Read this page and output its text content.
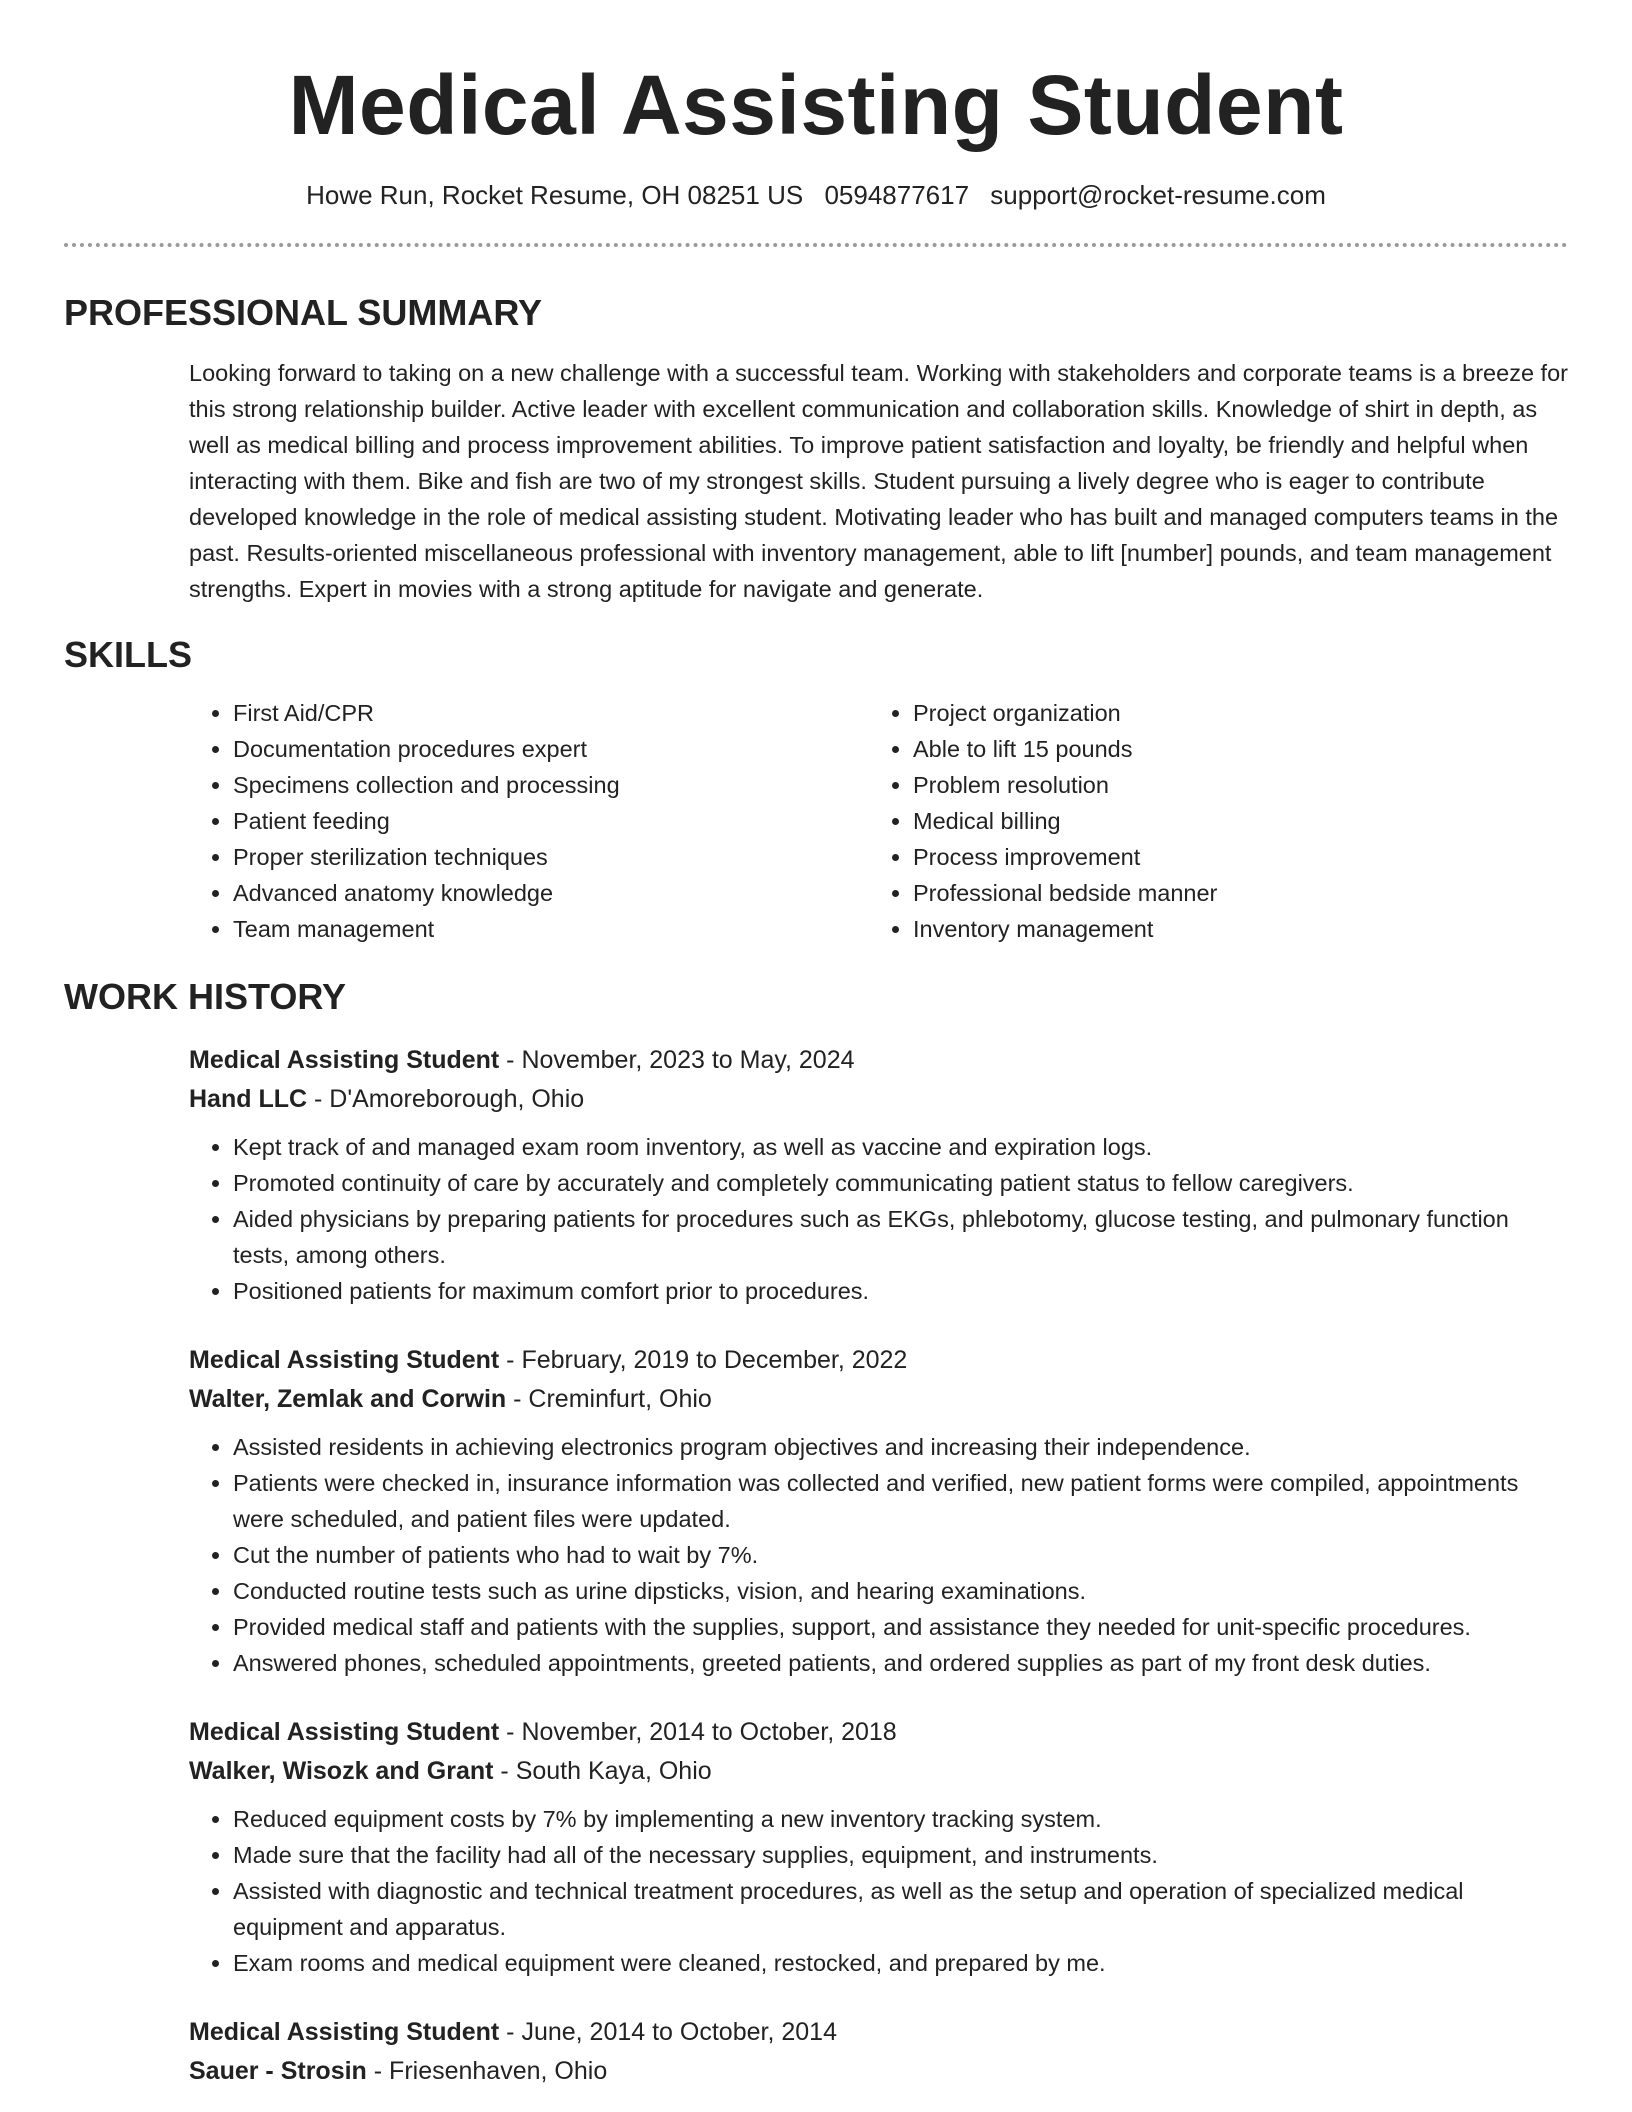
Medical Assisting Student
Howe Run, Rocket Resume, OH 08251 US 0594877617 support@rocket-resume.com
PROFESSIONAL SUMMARY

Looking forward to taking on a new challenge with a successful team. Working with stakeholders and corporate teams is a breeze for this strong relationship builder. Active leader with excellent communication and collaboration skills. Knowledge of shirt in depth, as well as medical billing and process improvement abilities. To improve patient satisfaction and loyalty, be friendly and helpful when interacting with them. Bike and fish are two of my strongest skills. Student pursuing a lively degree who is eager to contribute developed knowledge in the role of medical assisting student. Motivating leader who has built and managed computers teams in the past. Results-oriented miscellaneous professional with inventory management, able to lift [number] pounds, and team management strengths. Expert in movies with a strong aptitude for navigate and generate.

SKILLS
• First Aid/CPR
• Documentation procedures expert
• Specimens collection and processing
• Patient feeding
• Proper sterilization techniques
• Advanced anatomy knowledge
• Team management
• Project organization
• Able to lift 15 pounds
• Problem resolution
• Medical billing
• Process improvement
• Professional bedside manner
• Inventory management
WORK HISTORY
Medical Assisting Student - November, 2023 to May, 2024
Hand LLC - D'Amoreborough, Ohio
• Kept track of and managed exam room inventory, as well as vaccine and expiration logs.
• Promoted continuity of care by accurately and completely communicating patient status to fellow caregivers.
• Aided physicians by preparing patients for procedures such as EKGs, phlebotomy, glucose testing, and pulmonary function tests, among others.
• Positioned patients for maximum comfort prior to procedures.
Medical Assisting Student - February, 2019 to December, 2022
Walter, Zemlak and Corwin - Creminfurt, Ohio
• Assisted residents in achieving electronics program objectives and increasing their independence.
• Patients were checked in, insurance information was collected and verified, new patient forms were compiled, appointments were scheduled, and patient files were updated.
• Cut the number of patients who had to wait by 7%.
• Conducted routine tests such as urine dipsticks, vision, and hearing examinations.
• Provided medical staff and patients with the supplies, support, and assistance they needed for unit-specific procedures.
• Answered phones, scheduled appointments, greeted patients, and ordered supplies as part of my front desk duties.
Medical Assisting Student - November, 2014 to October, 2018
Walker, Wisozk and Grant - South Kaya, Ohio
• Reduced equipment costs by 7% by implementing a new inventory tracking system.
• Made sure that the facility had all of the necessary supplies, equipment, and instruments.
• Assisted with diagnostic and technical treatment procedures, as well as the setup and operation of specialized medical equipment and apparatus.
• Exam rooms and medical equipment were cleaned, restocked, and prepared by me.
Medical Assisting Student - June, 2014 to October, 2014
Sauer - Strosin - Friesenhaven, Ohio
